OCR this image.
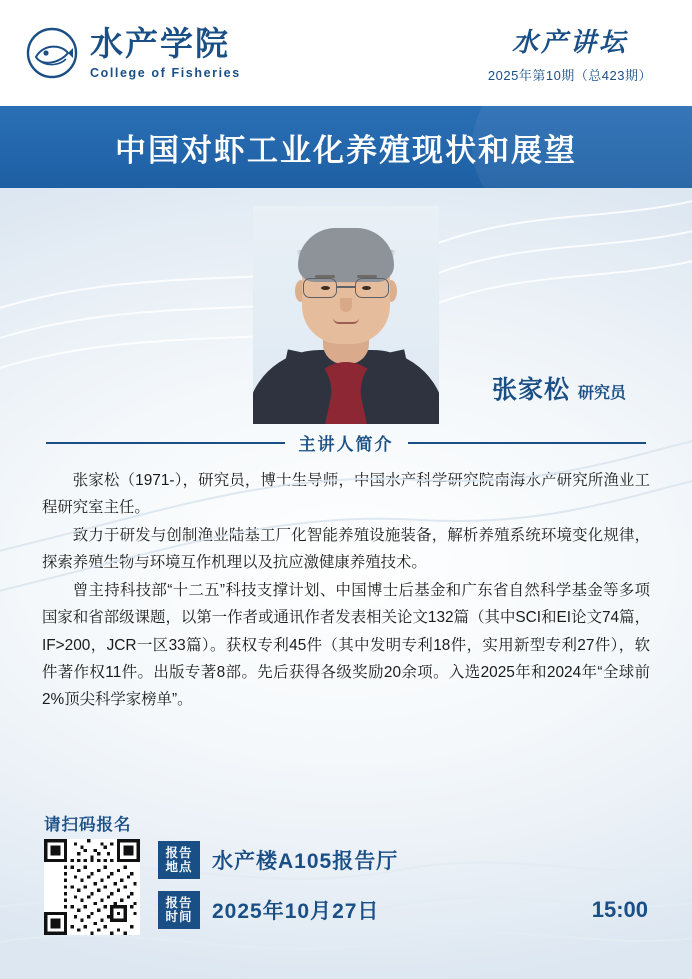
水产学院
College of Fisheries
水产讲坛
2025年第10期（总423期）
中国对虾工业化养殖现状和展望
张家松 研究员
主讲人简介

张家松（1971-），研究员，博士生导师，中国水产科学研究院南海水产研究所渔业工程研究室主任。

致力于研发与创制渔业陆基工厂化智能养殖设施装备，解析养殖系统环境变化规律，探索养殖生物与环境互作机理以及抗应激健康养殖技术。

曾主持科技部“十二五”科技支撑计划、中国博士后基金和广东省自然科学基金等多项国家和省部级课题，以第一作者或通讯作者发表相关论文132篇（其中SCI和EI论文74篇，IF>200，JCR一区33篇）。获权专利45件（其中发明专利18件，实用新型专利27件），软件著作权11件。出版专著8部。先后获得各级奖励20余项。入选2025年和2024年“全球前2%顶尖科学家榜单”。

请扫码报名
报告
地点 水产楼A105报告厅
报告
时间 2025年10月27日	15:00
